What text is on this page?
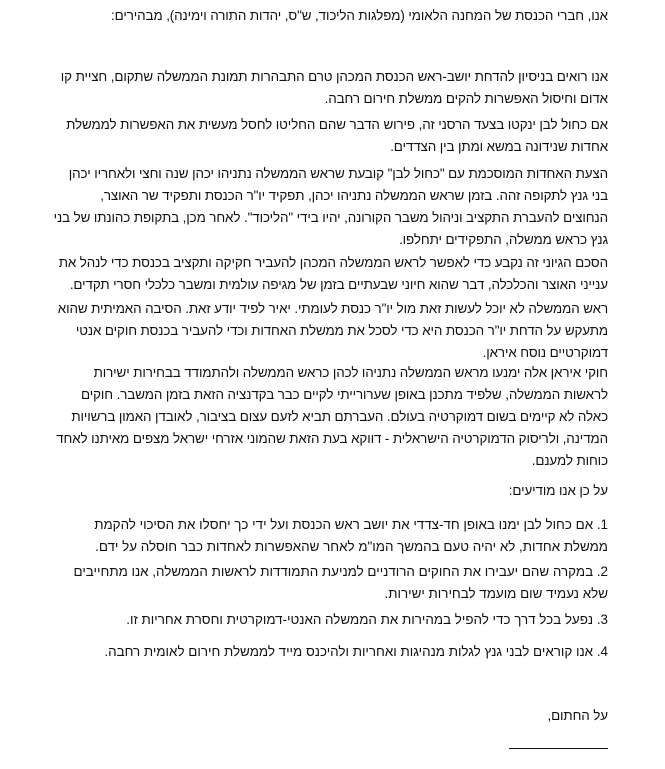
אנו, חברי הכנסת של המחנה הלאומי (מפלגות הליכוד, ש"ס, יהדות התורה וימינה), מבהירים:

אנו רואים בניסיון להדחת יושב-ראש הכנסת המכהן טרם התבהרות תמונת הממשלה שתקום, חציית קו אדום וחיסול האפשרות להקים ממשלת חירום רחבה.

אם כחול לבן ינקטו בצעד הרסני זה, פירוש הדבר שהם החליטו לחסל מעשית את האפשרות לממשלת אחדות שנידונה במשא ומתן בין הצדדים.

הצעת האחדות המוסכמת עם "כחול לבן" קובעת שראש הממשלה נתניהו יכהן שנה וחצי ולאחריו יכהן בני גנץ לתקופה זהה. בזמן שראש הממשלה נתניהו יכהן, תפקיד יו"ר הכנסת ותפקיד שר האוצר, הנחוצים להעברת התקציב וניהול משבר הקורונה, יהיו בידי "הליכוד". לאחר מכן, בתקופת כהונתו של בני גנץ כראש ממשלה, התפקידים יתחלפו.

הסכם הגיוני זה נקבע כדי לאפשר לראש הממשלה המכהן להעביר חקיקה ותקציב בכנסת כדי לנהל את ענייני האוצר והכלכלה, דבר שהוא חיוני שבעתיים בזמן של מגיפה עולמית ומשבר כלכלי חסרי תקדים.

ראש הממשלה לא יוכל לעשות זאת מול יו"ר כנסת לעומתי. יאיר לפיד יודע זאת. הסיבה האמיתית שהוא מתעקש על הדחת יו"ר הכנסת היא כדי לסכל את ממשלת האחדות וכדי להעביר בכנסת חוקים אנטי דמוקרטיים נוסח איראן.

חוקי איראן אלה ימנעו מראש הממשלה נתניהו לכהן כראש הממשלה ולהתמודד בבחירות ישירות לראשות הממשלה, שלפיד מתכנן באופן שערורייתי לקיים כבר בקדנציה הזאת בזמן המשבר. חוקים כאלה לא קיימים בשום דמוקרטיה בעולם. העברתם תביא לזעם עצום בציבור, לאובדן האמון ברשויות המדינה, ולריסוק הדמוקרטיה הישראלית - דווקא בעת הזאת שהמוני אזרחי ישראל מצפים מאיתנו לאחד כוחות למענם.

על כן אנו מודיעים:

1. אם כחול לבן ימנו באופן חד-צדדי את יושב ראש הכנסת ועל ידי כך יחסלו את הסיכוי להקמת ממשלת אחדות, לא יהיה טעם בהמשך המו"מ לאחר שהאפשרות לאחדות כבר חוסלה על ידם.

2. במקרה שהם יעבירו את החוקים הרודניים למניעת התמודדות לראשות הממשלה, אנו מתחייבים שלא נעמיד שום מועמד לבחירות ישירות.

3. נפעל בכל דרך כדי להפיל במהירות את הממשלה האנטי-דמוקרטית וחסרת אחריות זו.

4. אנו קוראים לבני גנץ לגלות מנהיגות ואחריות ולהיכנס מייד לממשלת חירום לאומית רחבה.

על החתום,
